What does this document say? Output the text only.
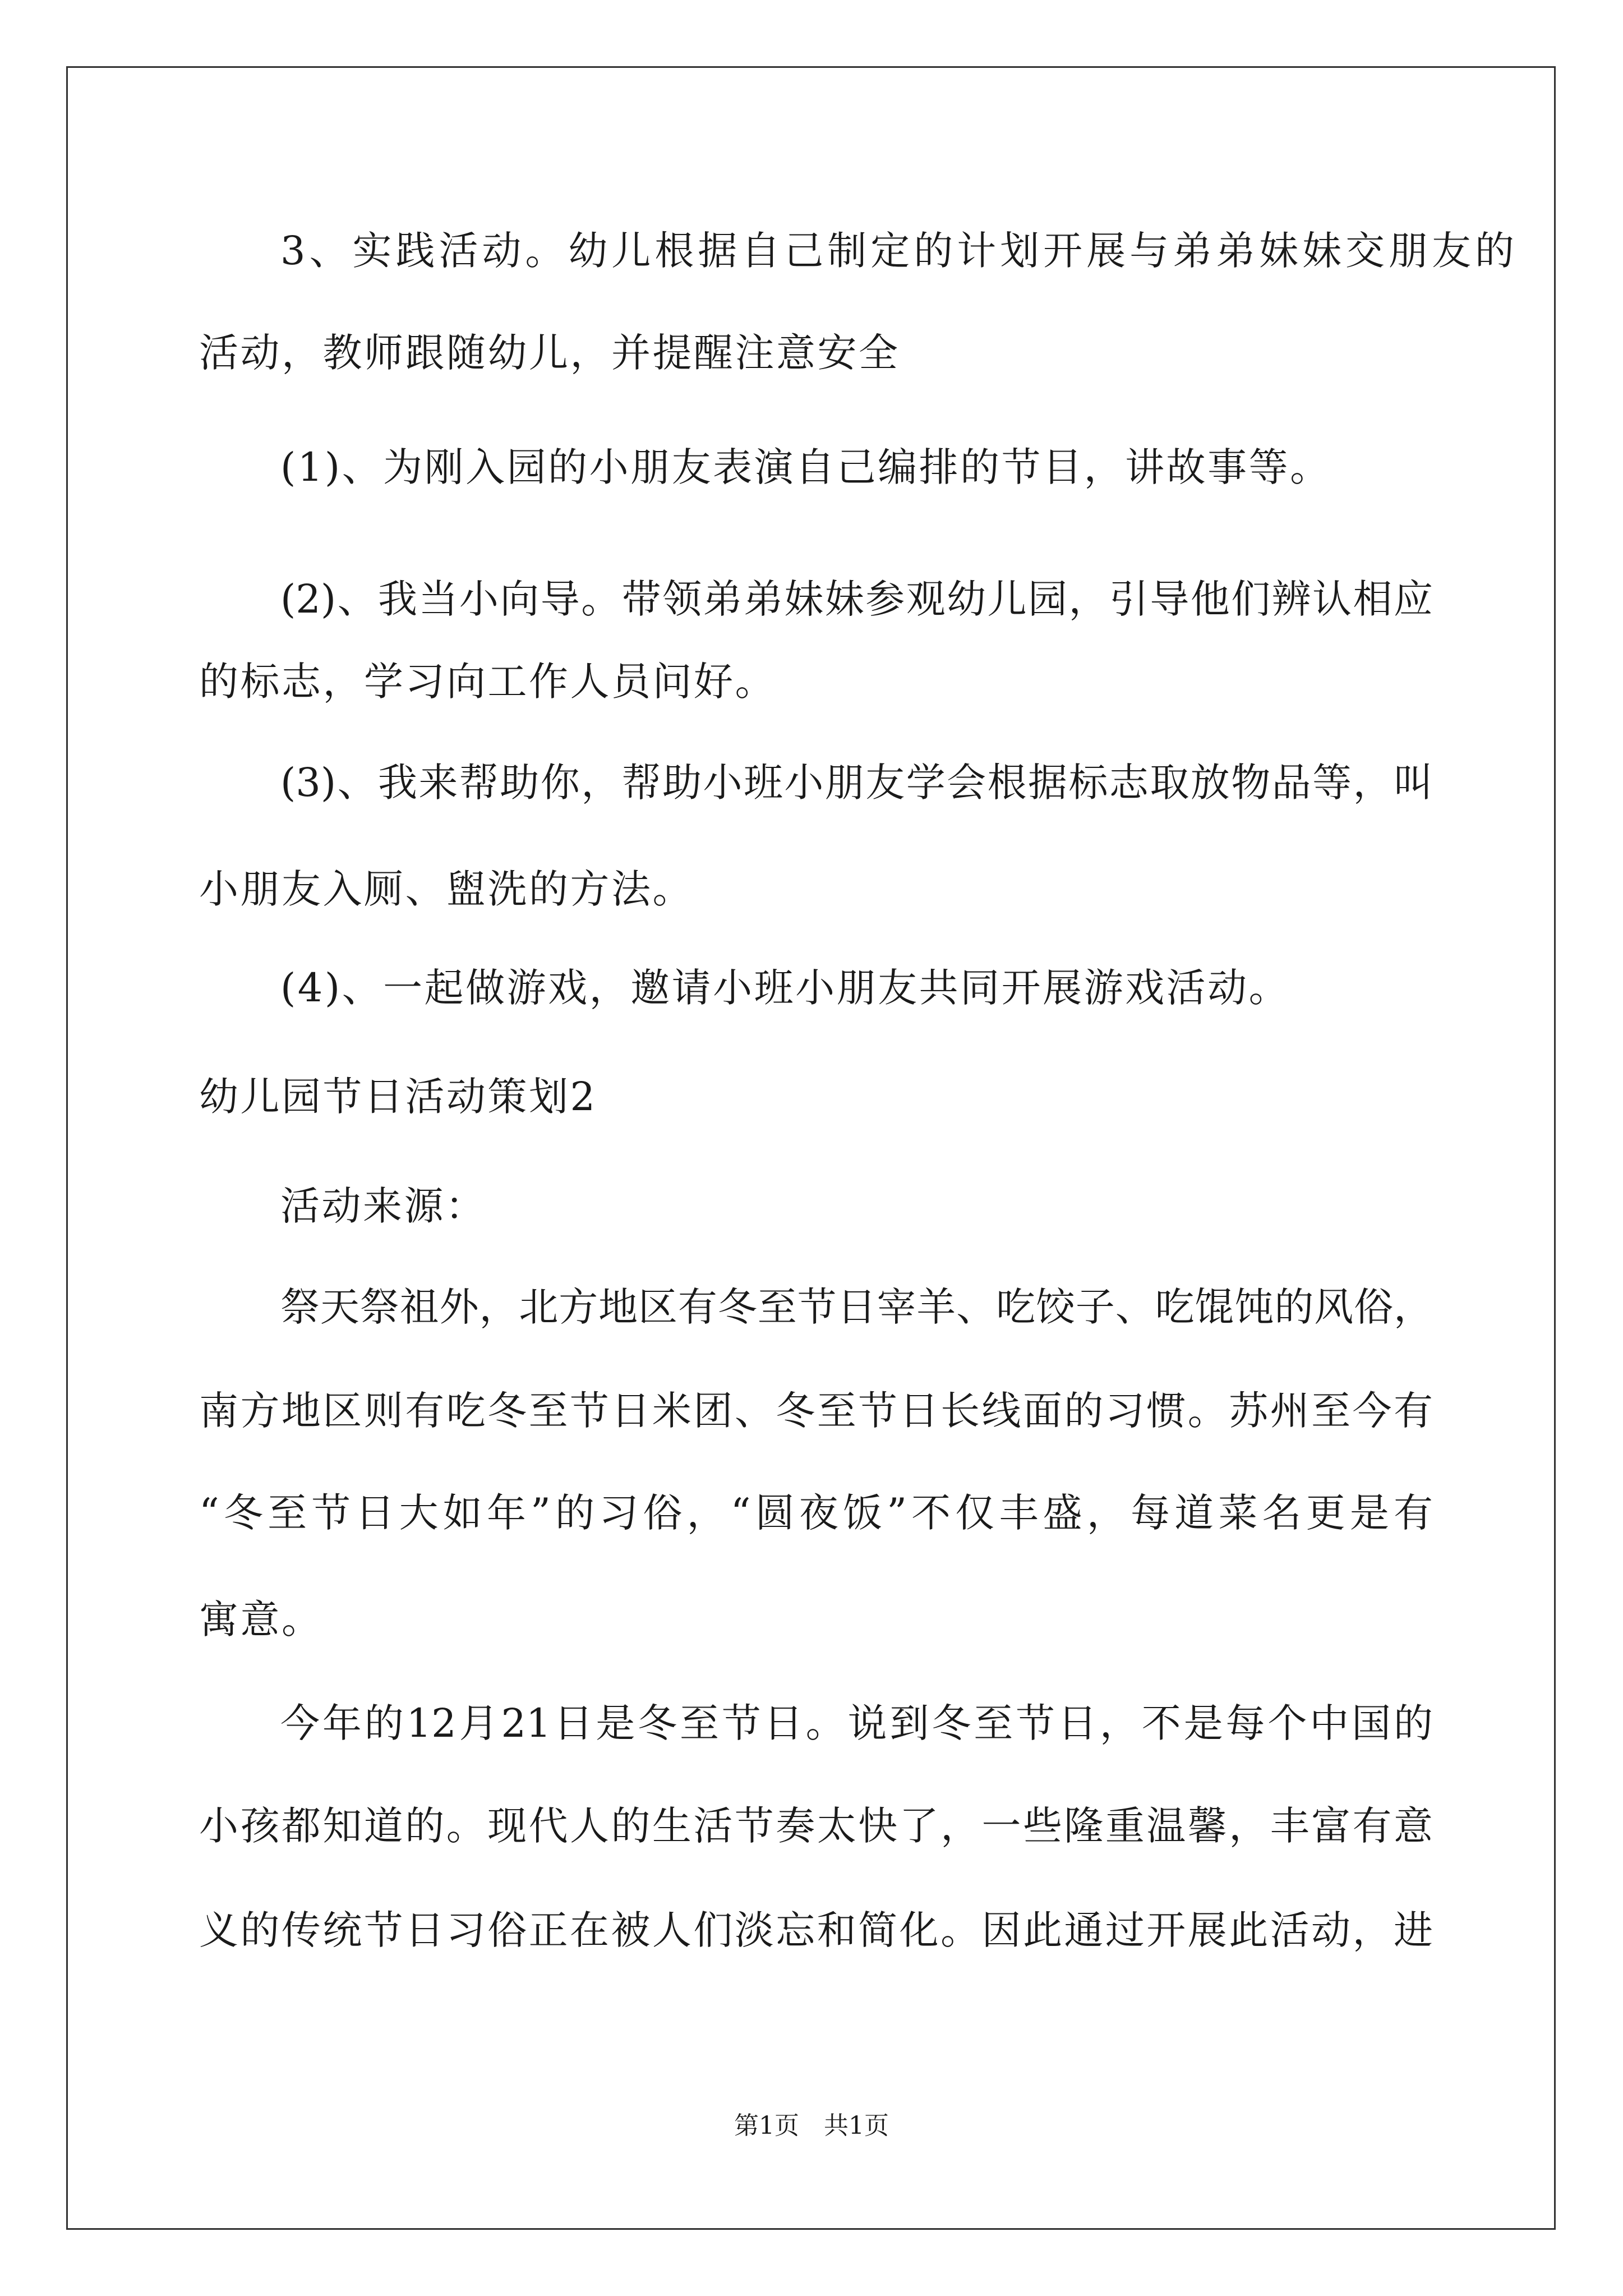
3、实践活动。幼儿根据自己制定的计划开展与弟弟妹妹交朋友的
活动，教师跟随幼儿，并提醒注意安全
(1)、为刚入园的小朋友表演自己编排的节目，讲故事等。
(2)、我当小向导。带领弟弟妹妹参观幼儿园，引导他们辨认相应
的标志，学习向工作人员问好。
(3)、我来帮助你，帮助小班小朋友学会根据标志取放物品等，叫
小朋友入厕、盥洗的方法。
(4)、一起做游戏，邀请小班小朋友共同开展游戏活动。
幼儿园节日活动策划2
活动来源：
祭天祭祖外，北方地区有冬至节日宰羊、吃饺子、吃馄饨的风俗，
南方地区则有吃冬至节日米团、冬至节日长线面的习惯。苏州至今有
“冬至节日大如年”的习俗，“圆夜饭”不仅丰盛，每道菜名更是有
寓意。
今年的12月21日是冬至节日。说到冬至节日，不是每个中国的
小孩都知道的。现代人的生活节奏太快了，一些隆重温馨，丰富有意
义的传统节日习俗正在被人们淡忘和简化。因此通过开展此活动，进
第1页　共1页
